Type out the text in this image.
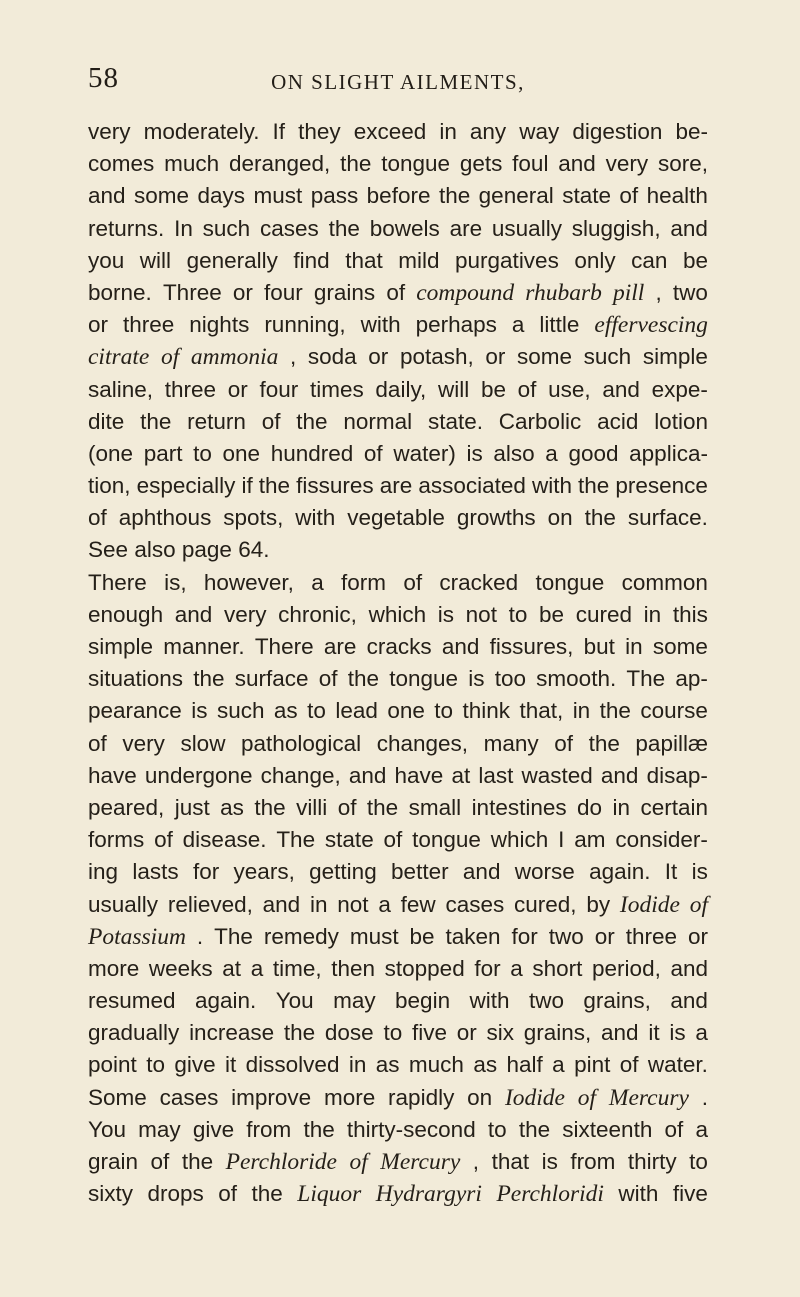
58	ON SLIGHT AILMENTS,
very moderately. If they exceed in any way digestion be-
comes much deranged, the tongue gets foul and very sore,
and some days must pass before the general state of health
returns. In such cases the bowels are usually sluggish, and
you will generally find that mild purgatives only can be
borne. Three or four grains of compound rhubarb pill , two
or three nights running, with perhaps a little effervescing
citrate of ammonia , soda or potash, or some such simple
saline, three or four times daily, will be of use, and expe-
dite the return of the normal state. Carbolic acid lotion
(one part to one hundred of water) is also a good applica-
tion, especially if the fissures are associated with the presence
of aphthous spots, with vegetable growths on the surface.
See
also
page
64.
There
is,
however,
a
form
of
cracked
tongue
common
enough and very chronic, which is not to be cured in this
simple manner. There are cracks and fissures, but in some
situations the surface of the tongue is too smooth. The ap-
pearance is such as to lead one to think that, in the course
of very slow pathological changes, many of the papillæ
have undergone change, and have at last wasted and disap-
peared, just as the villi of the small intestines do in certain
forms of disease. The state of tongue which I am consider-
ing lasts for years, getting better and worse again. It is
usually relieved, and in not a few cases cured, by Iodide of
Potassium . The remedy must be taken for two or three or
more weeks at a time, then stopped for a short period, and
resumed again. You may begin with two grains, and
gradually increase the dose to five or six grains, and it is a
point to give it dissolved in as much as half a pint of water.
Some cases improve more rapidly on Iodide of Mercury .
You may give from the thirty-second to the sixteenth of a
grain of the Perchloride of Mercury , that is from thirty to
sixty drops of the Liquor Hydrargyri Perchloridi with five
